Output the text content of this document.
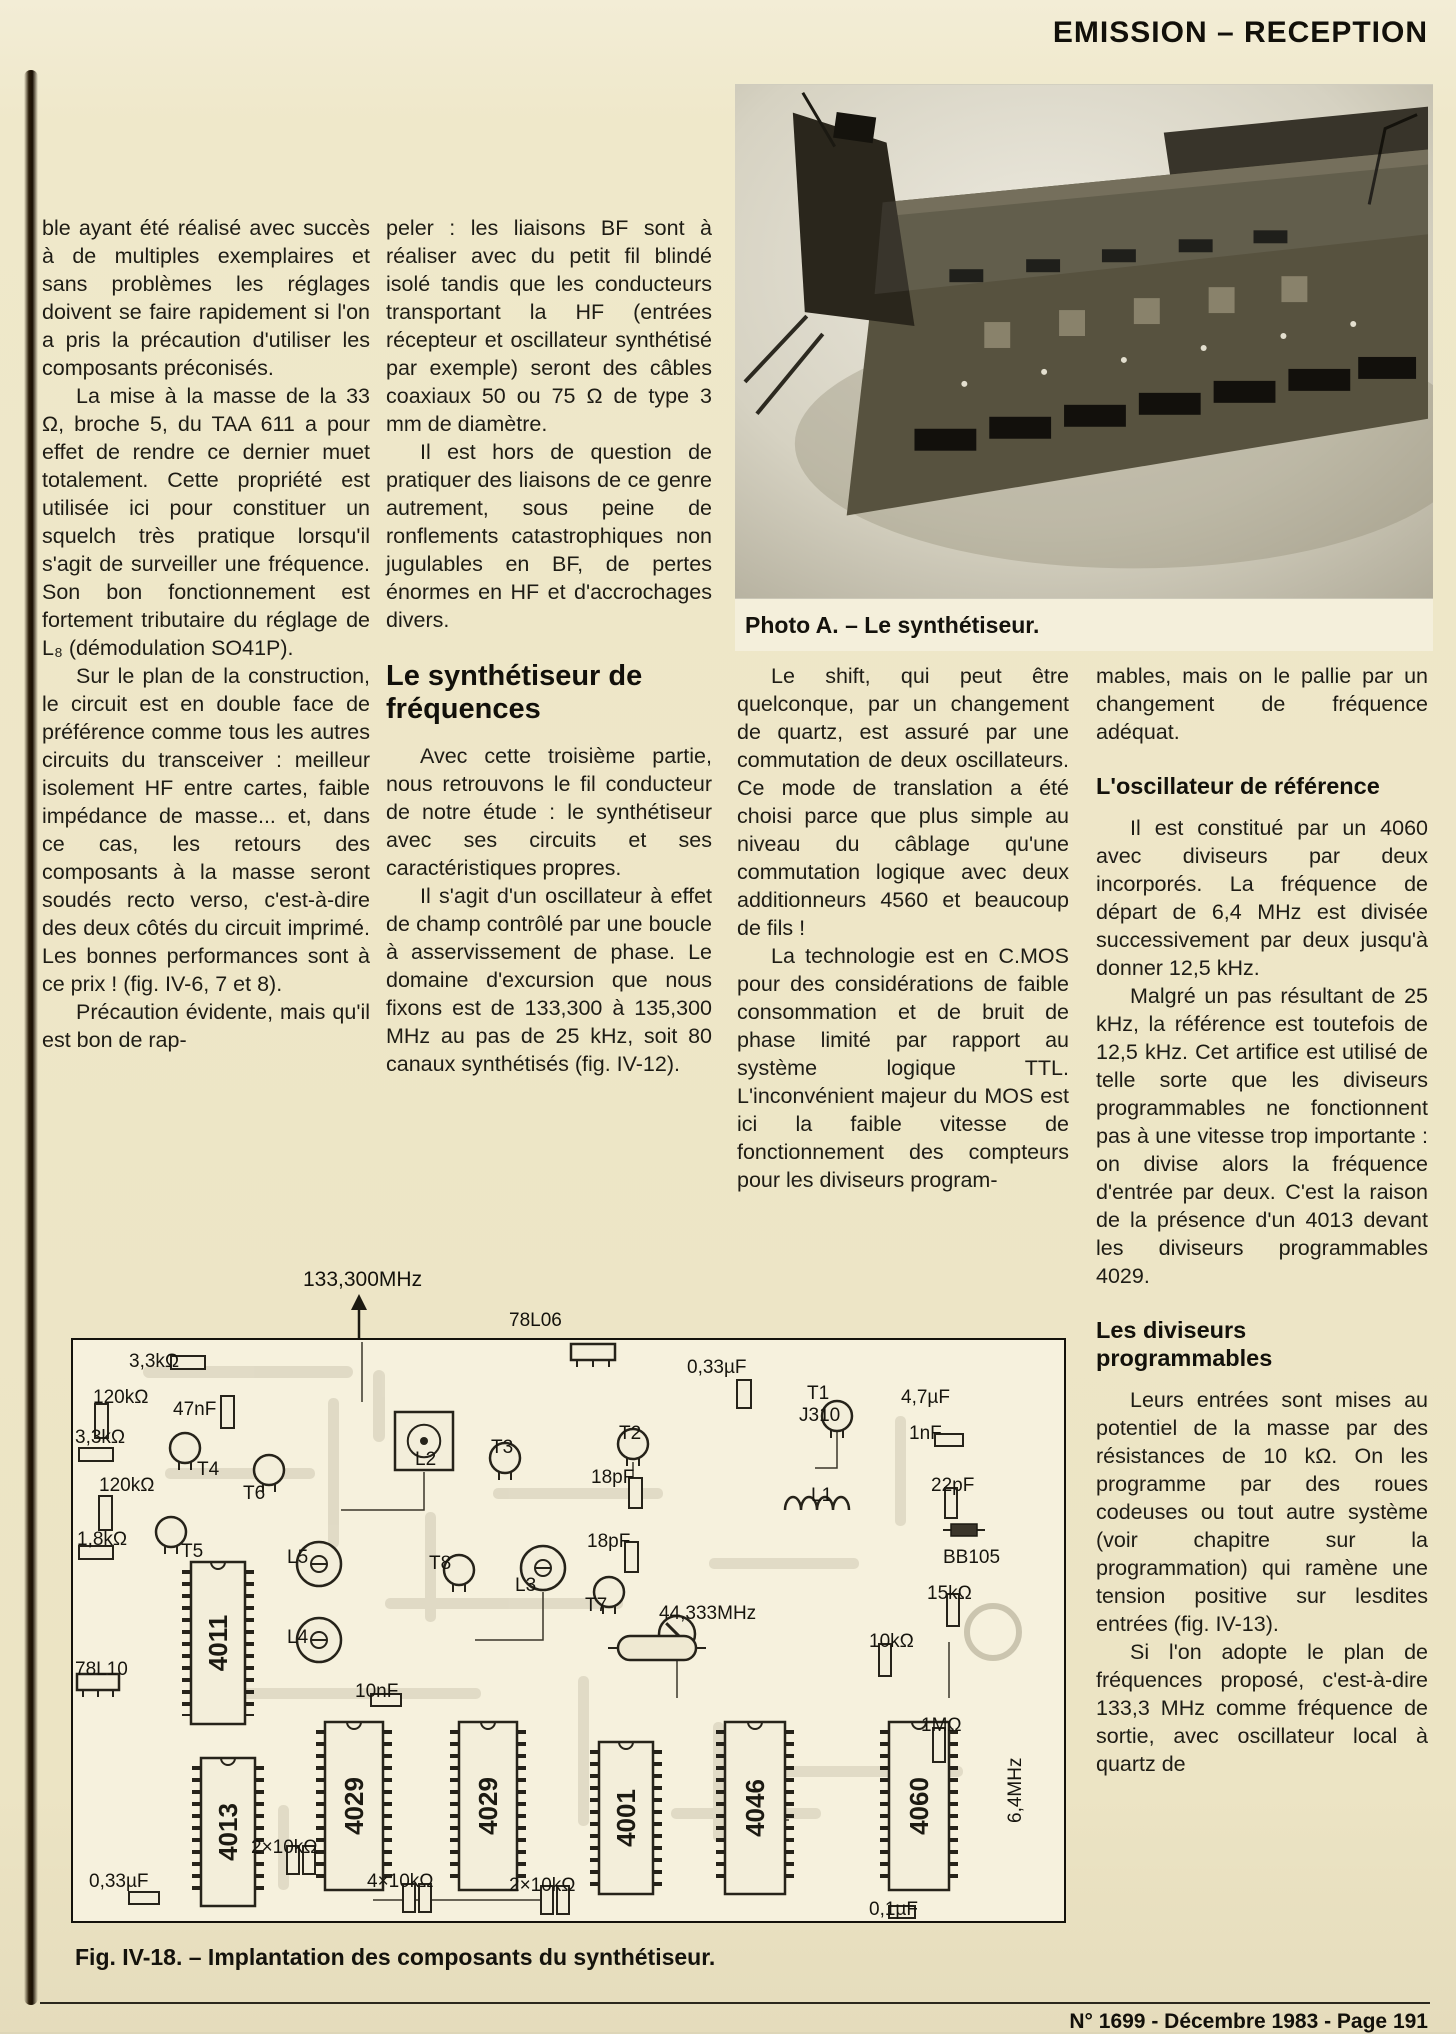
EMISSION – RECEPTION

ble ayant été réalisé avec succès à de multiples exemplaires et sans problèmes les réglages doivent se faire rapidement si l'on a pris la précaution d'utiliser les composants préconisés.

La mise à la masse de la 33 Ω, broche 5, du TAA 611 a pour effet de rendre ce dernier muet totalement. Cette propriété est utilisée ici pour constituer un squelch très pratique lorsqu'il s'agit de surveiller une fréquence. Son bon fonctionnement est fortement tributaire du réglage de L₈ (démodulation SO41P).

Sur le plan de la construction, le circuit est en double face de préférence comme tous les autres circuits du transceiver : meilleur isolement HF entre cartes, faible impédance de masse... et, dans ce cas, les retours des composants à la masse seront soudés recto verso, c'est-à-dire des deux côtés du circuit imprimé. Les bonnes performances sont à ce prix ! (fig. IV-6, 7 et 8).

Précaution évidente, mais qu'il est bon de rap-

peler : les liaisons BF sont à réaliser avec du petit fil blindé isolé tandis que les conducteurs transportant la HF (entrées récepteur et oscillateur synthétisé par exemple) seront des câbles coaxiaux 50 ou 75 Ω de type 3 mm de diamètre.

Il est hors de question de pratiquer des liaisons de ce genre autrement, sous peine de ronflements catastrophiques non jugulables en BF, de pertes énormes en HF et d'accrochages divers.

Le synthétiseur de fréquences

Avec cette troisième partie, nous retrouvons le fil conducteur de notre étude : le synthétiseur avec ses circuits et ses caractéristiques propres.

Il s'agit d'un oscillateur à effet de champ contrôlé par une boucle à asservissement de phase. Le domaine d'excursion que nous fixons est de 133,300 à 135,300 MHz au pas de 25 kHz, soit 80 canaux synthétisés (fig. IV-12).

Photo A. – Le synthétiseur.

Le shift, qui peut être quelconque, par un changement de quartz, est assuré par une commutation de deux oscillateurs. Ce mode de translation a été choisi parce que plus simple au niveau du câblage qu'une commutation logique avec deux additionneurs 4560 et beaucoup de fils !

La technologie est en C.MOS pour des considérations de faible consommation et de bruit de phase limité par rapport au système logique TTL. L'inconvénient majeur du MOS est ici la faible vitesse de fonctionnement des compteurs pour les diviseurs program-

mables, mais on le pallie par un changement de fréquence adéquat.

L'oscillateur de référence

Il est constitué par un 4060 avec diviseurs par deux incorporés. La fréquence de départ de 6,4 MHz est divisée successivement par deux jusqu'à donner 12,5 kHz.

Malgré un pas résultant de 25 kHz, la référence est toutefois de 12,5 kHz. Cet artifice est utilisé de telle sorte que les diviseurs programmables ne fonctionnent pas à une vitesse trop importante : on divise alors la fréquence d'entrée par deux. C'est la raison de la présence d'un 4013 devant les diviseurs programmables 4029.

Les diviseurs programmables

Leurs entrées sont mises au potentiel de la masse par des résistances de 10 kΩ. On les programme par des roues codeuses ou tout autre système (voir chapitre sur la programmation) qui ramène une tension positive sur lesdites entrées (fig. IV-13).

Si l'on adopte le plan de fréquences proposé, c'est-à-dire 133,3 MHz comme fréquence de sortie, avec oscillateur local à quartz de

133,300MHz
78L06
4011
4013	4029	4029	4001	4046	4060
3,3kΩ
120kΩ
47nF
3,3kΩ
T4
120kΩ	T6
1,8kΩ
T5
L2
T3
T2
0,33µF
18pF
18pF
T1
J310
4,7µF
1nF
22pF
L1
BB105
15kΩ
L5	T8
L3
T7	44,333MHz
L4	10kΩ
78L10
10nF
1MΩ
2×10kΩ
4×10kΩ	2×10kΩ
0,33µF
0,1µF
6,4MHz
Fig. IV-18. – Implantation des composants du synthétiseur.
N° 1699 - Décembre 1983 - Page 191
